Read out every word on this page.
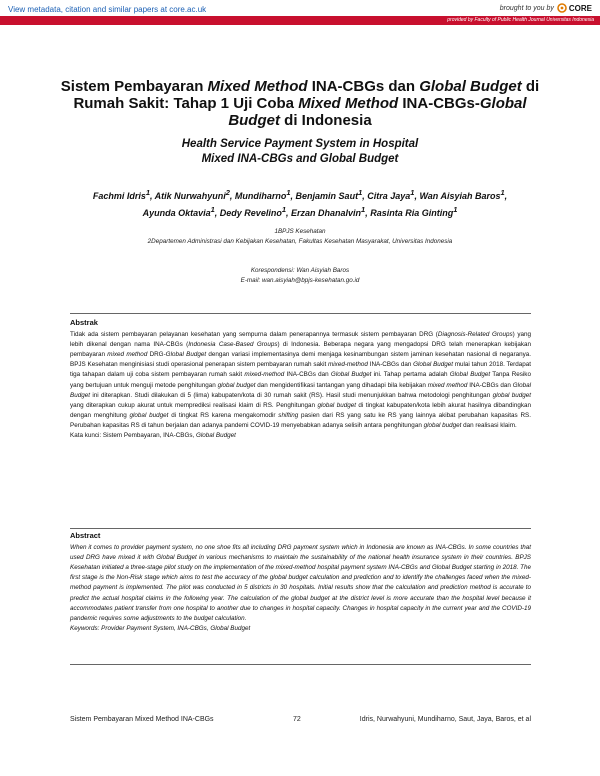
View metadata, citation and similar papers at core.ac.uk	brought to you by CORE
provided by Faculty of Public Health Journal Universitas Indonesia
Sistem Pembayaran Mixed Method INA-CBGs dan Global Budget di Rumah Sakit: Tahap 1 Uji Coba Mixed Method INA-CBGs-Global Budget di Indonesia
Health Service Payment System in Hospital
Mixed INA-CBGs and Global Budget
Fachmi Idris$^1$, Atik Nurwahyuni$^2$, Mundiharno$^1$, Benjamin Saut$^1$, Citra Jaya$^1$, Wan Aisyiah Baros$^1$,
Ayunda Oktavia$^1$, Dedy Revelino$^1$, Erzan Dhanalvin$^1$, Rasinta Ria Ginting$^1$
1BPJS Kesehatan
2Departemen Administrasi dan Kebijakan Kesehatan, Fakultas Kesehatan Masyarakat, Universitas Indonesia
Korespondensi: Wan Aisyiah Baros
E-mail: wan.aisyiah@bpjs-kesehatan.go.id
Abstrak
Tidak ada sistem pembayaran pelayanan kesehatan yang sempurna dalam penerapannya termasuk sistem pembayaran DRG (Diagnosis-Related Groups) yang lebih dikenal dengan nama INA-CBGs (Indonesia Case-Based Groups) di Indonesia. Beberapa negara yang mengadopsi DRG telah menerapkan kebijakan pembayaran mixed method DRG-Global Budget dengan variasi implementasinya demi menjaga kesinambungan sistem jaminan kesehatan nasional di negaranya. BPJS Kesehatan menginisiasi studi operasional penerapan sistem pembayaran rumah sakit mixed-method INA-CBGs dan Global Budget mulai tahun 2018. Terdapat tiga tahapan dalam uji coba sistem pembayaran rumah sakit mixed-method INA-CBGs dan Global Budget ini. Tahap pertama adalah Global Budget Tanpa Resiko yang bertujuan untuk menguji metode penghitungan global budget dan mengidentifikasi tantangan yang dihadapi bila kebijakan mixed method INA-CBGs dan Global Budget ini diterapkan. Studi dilakukan di 5 (lima) kabupaten/kota di 30 rumah sakit (RS). Hasil studi menunjukkan bahwa metodologi penghitungan global budget yang diterapkan cukup akurat untuk memprediksi realisasi klaim di RS. Penghitungan global budget di tingkat kabupaten/kota lebih akurat hasilnya dibandingkan dengan menghitung global budget di tingkat RS karena mengakomodir shifting pasien dari RS yang satu ke RS yang lainnya akibat perubahan kapasitas RS. Perubahan kapasitas RS di tahun berjalan dan adanya pandemi COVID-19 menyebabkan adanya selisih antara penghitungan global budget dan realisasi klaim.
Kata kunci: Sistem Pembayaran, INA-CBGs, Global Budget
Abstract
When it comes to provider payment system, no one shoe fits all including DRG payment system which in Indonesia are known as INA-CBGs. In some countries that used DRG have mixed it with Global Budget in various mechanisms to maintain the sustainability of the national health insurance system in their countries. BPJS Kesehatan initiated a three-stage pilot study on the implementation of the mixed-method hospital payment system INA-CBGs and Global Budget starting in 2018. The first stage is the Non-Risk stage which aims to test the accuracy of the global budget calculation and prediction and to identify the challenges faced when the mixed-method payment is implemented. The pilot was conducted in 5 districts in 30 hospitals. Initial results show that the calculation and prediction method is accurate to predict the actual hospital claims in the following year. The calculation of the global budget at the district level is more accurate than the hospital level because it accommodates patient transfer from one hospital to another due to changes in hospital capacity. Changes in hospital capacity in the current year and the COVID-19 pandemic requires some adjustments to the budget calculation.
Keywords: Provider Payment System, INA-CBGs, Global Budget
Sistem Pembayaran Mixed Method INA-CBGs	72	Idris, Nurwahyuni, Mundiharno, Saut, Jaya, Baros, et al
